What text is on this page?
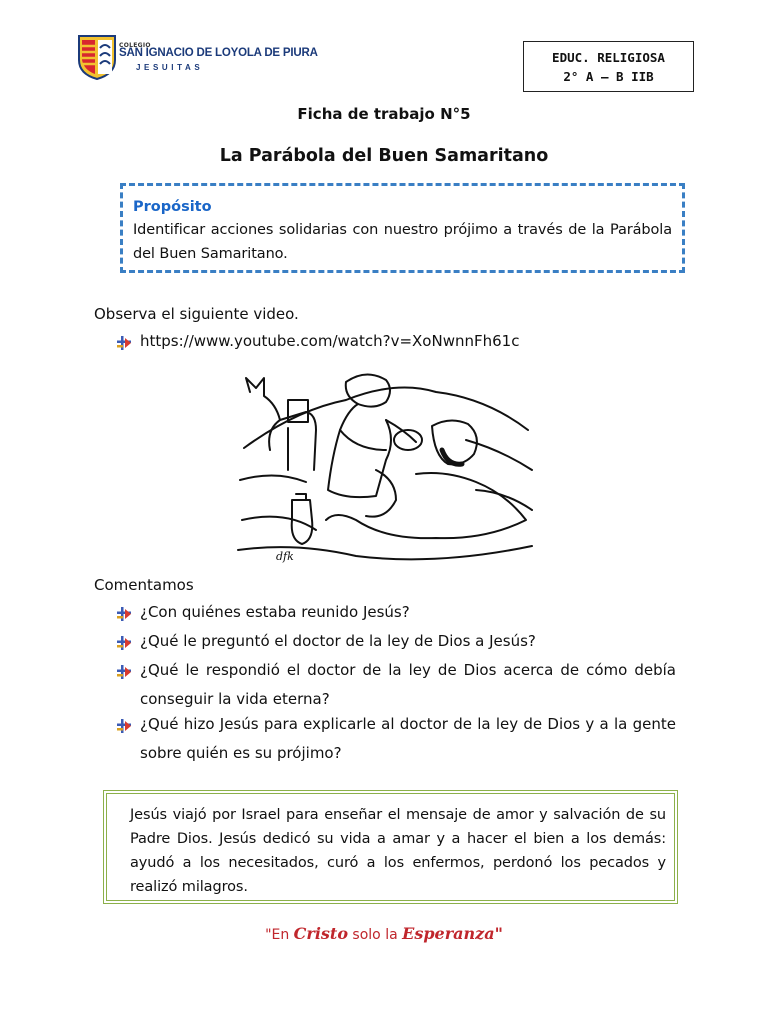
COLEGIO
SAN IGNACIO DE LOYOLA DE PIURA
JESUITAS
EDUC. RELIGIOSA
2° A – B IIB
Ficha de trabajo N°5
La Parábola del Buen Samaritano
Propósito
Identificar acciones solidarias con nuestro prójimo a través de la Parábola del Buen Samaritano.
Observa el siguiente video.
https://www.youtube.com/watch?v=XoNwnnFh61c
dfk
Comentamos
¿Con quiénes estaba reunido Jesús?
¿Qué le preguntó el doctor de la ley de Dios a Jesús?
¿Qué le respondió el doctor de la ley de Dios acerca de cómo debía conseguir la vida eterna?
¿Qué hizo Jesús para explicarle al doctor de la ley de Dios y a la gente sobre quién es su prójimo?
Jesús viajó por Israel para enseñar el mensaje de amor y salvación de su Padre Dios. Jesús dedicó su vida a amar y a hacer el bien a los demás: ayudó a los necesitados, curó a los enfermos, perdonó los pecados y realizó milagros.
"En Cristo solo la Esperanza"
